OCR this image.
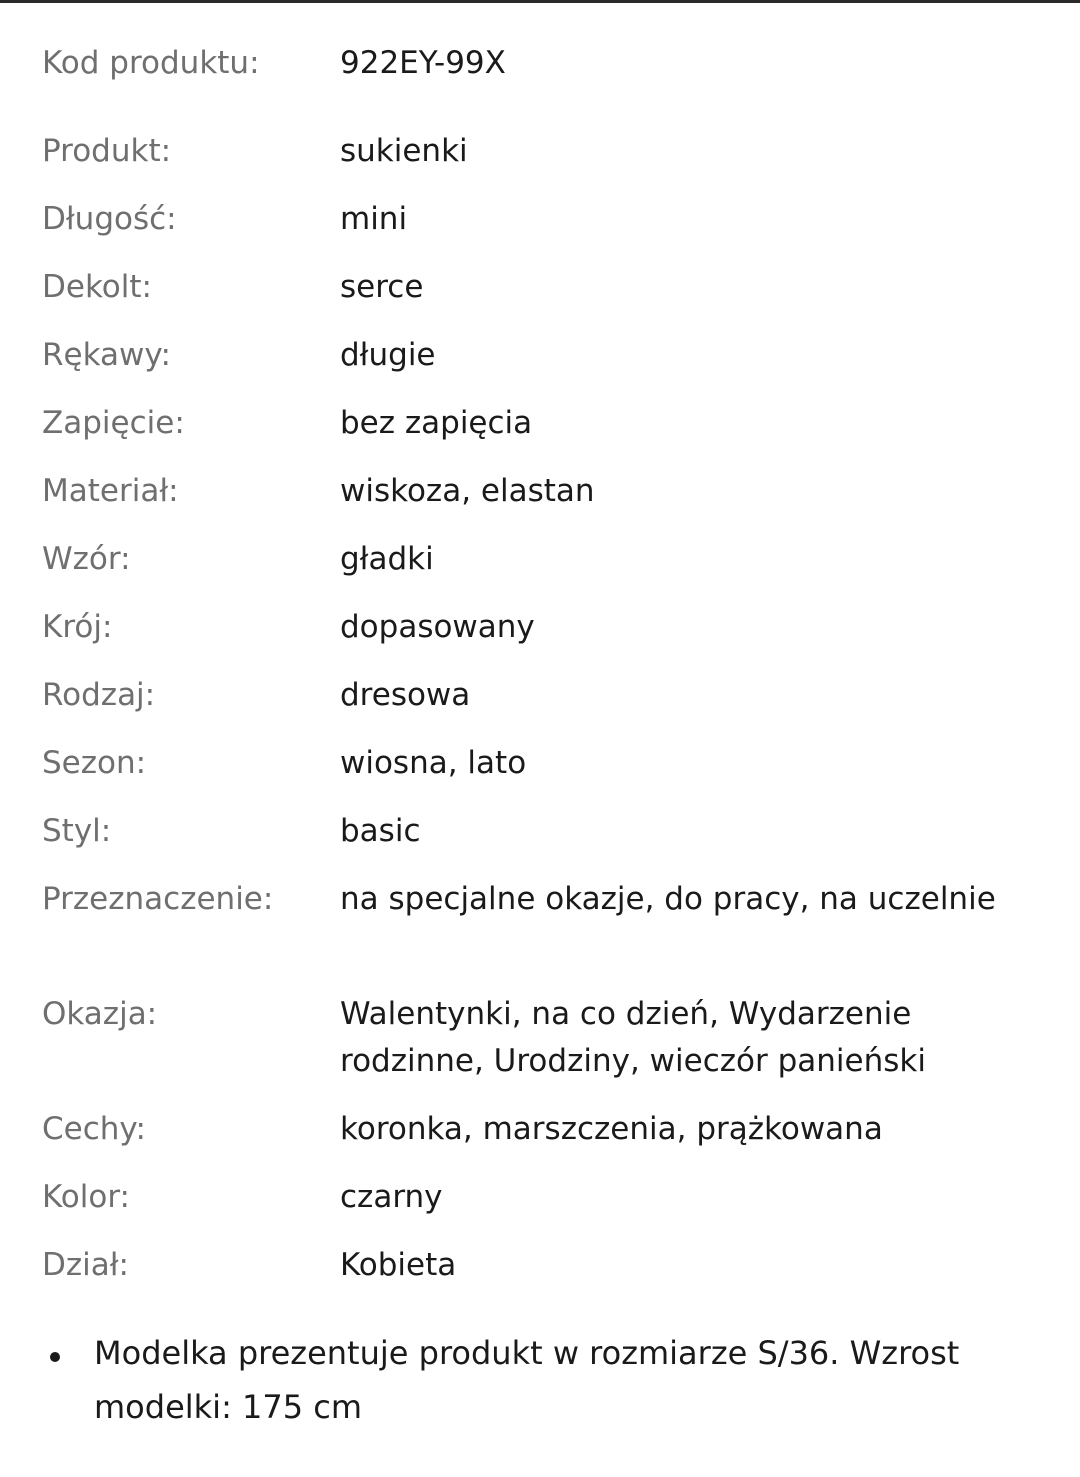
Kod produktu:	922EY-99X
Produkt:	sukienki
Długość:	mini
Dekolt:	serce
Rękawy:	długie
Zapięcie:	bez zapięcia
Materiał:	wiskoza, elastan
Wzór:	gładki
Krój:	dopasowany
Rodzaj:	dresowa
Sezon:	wiosna, lato
Styl:	basic
Przeznaczenie:	na specjalne okazje, do pracy, na uczelnie
Okazja:	Walentynki, na co dzień, Wydarzenie rodzinne, Urodziny, wieczór panieński
Cechy:	koronka, marszczenia, prążkowana
Kolor:	czarny
Dział:	Kobieta
Modelka prezentuje produkt w rozmiarze S/36. Wzrost modelki: 175 cm
